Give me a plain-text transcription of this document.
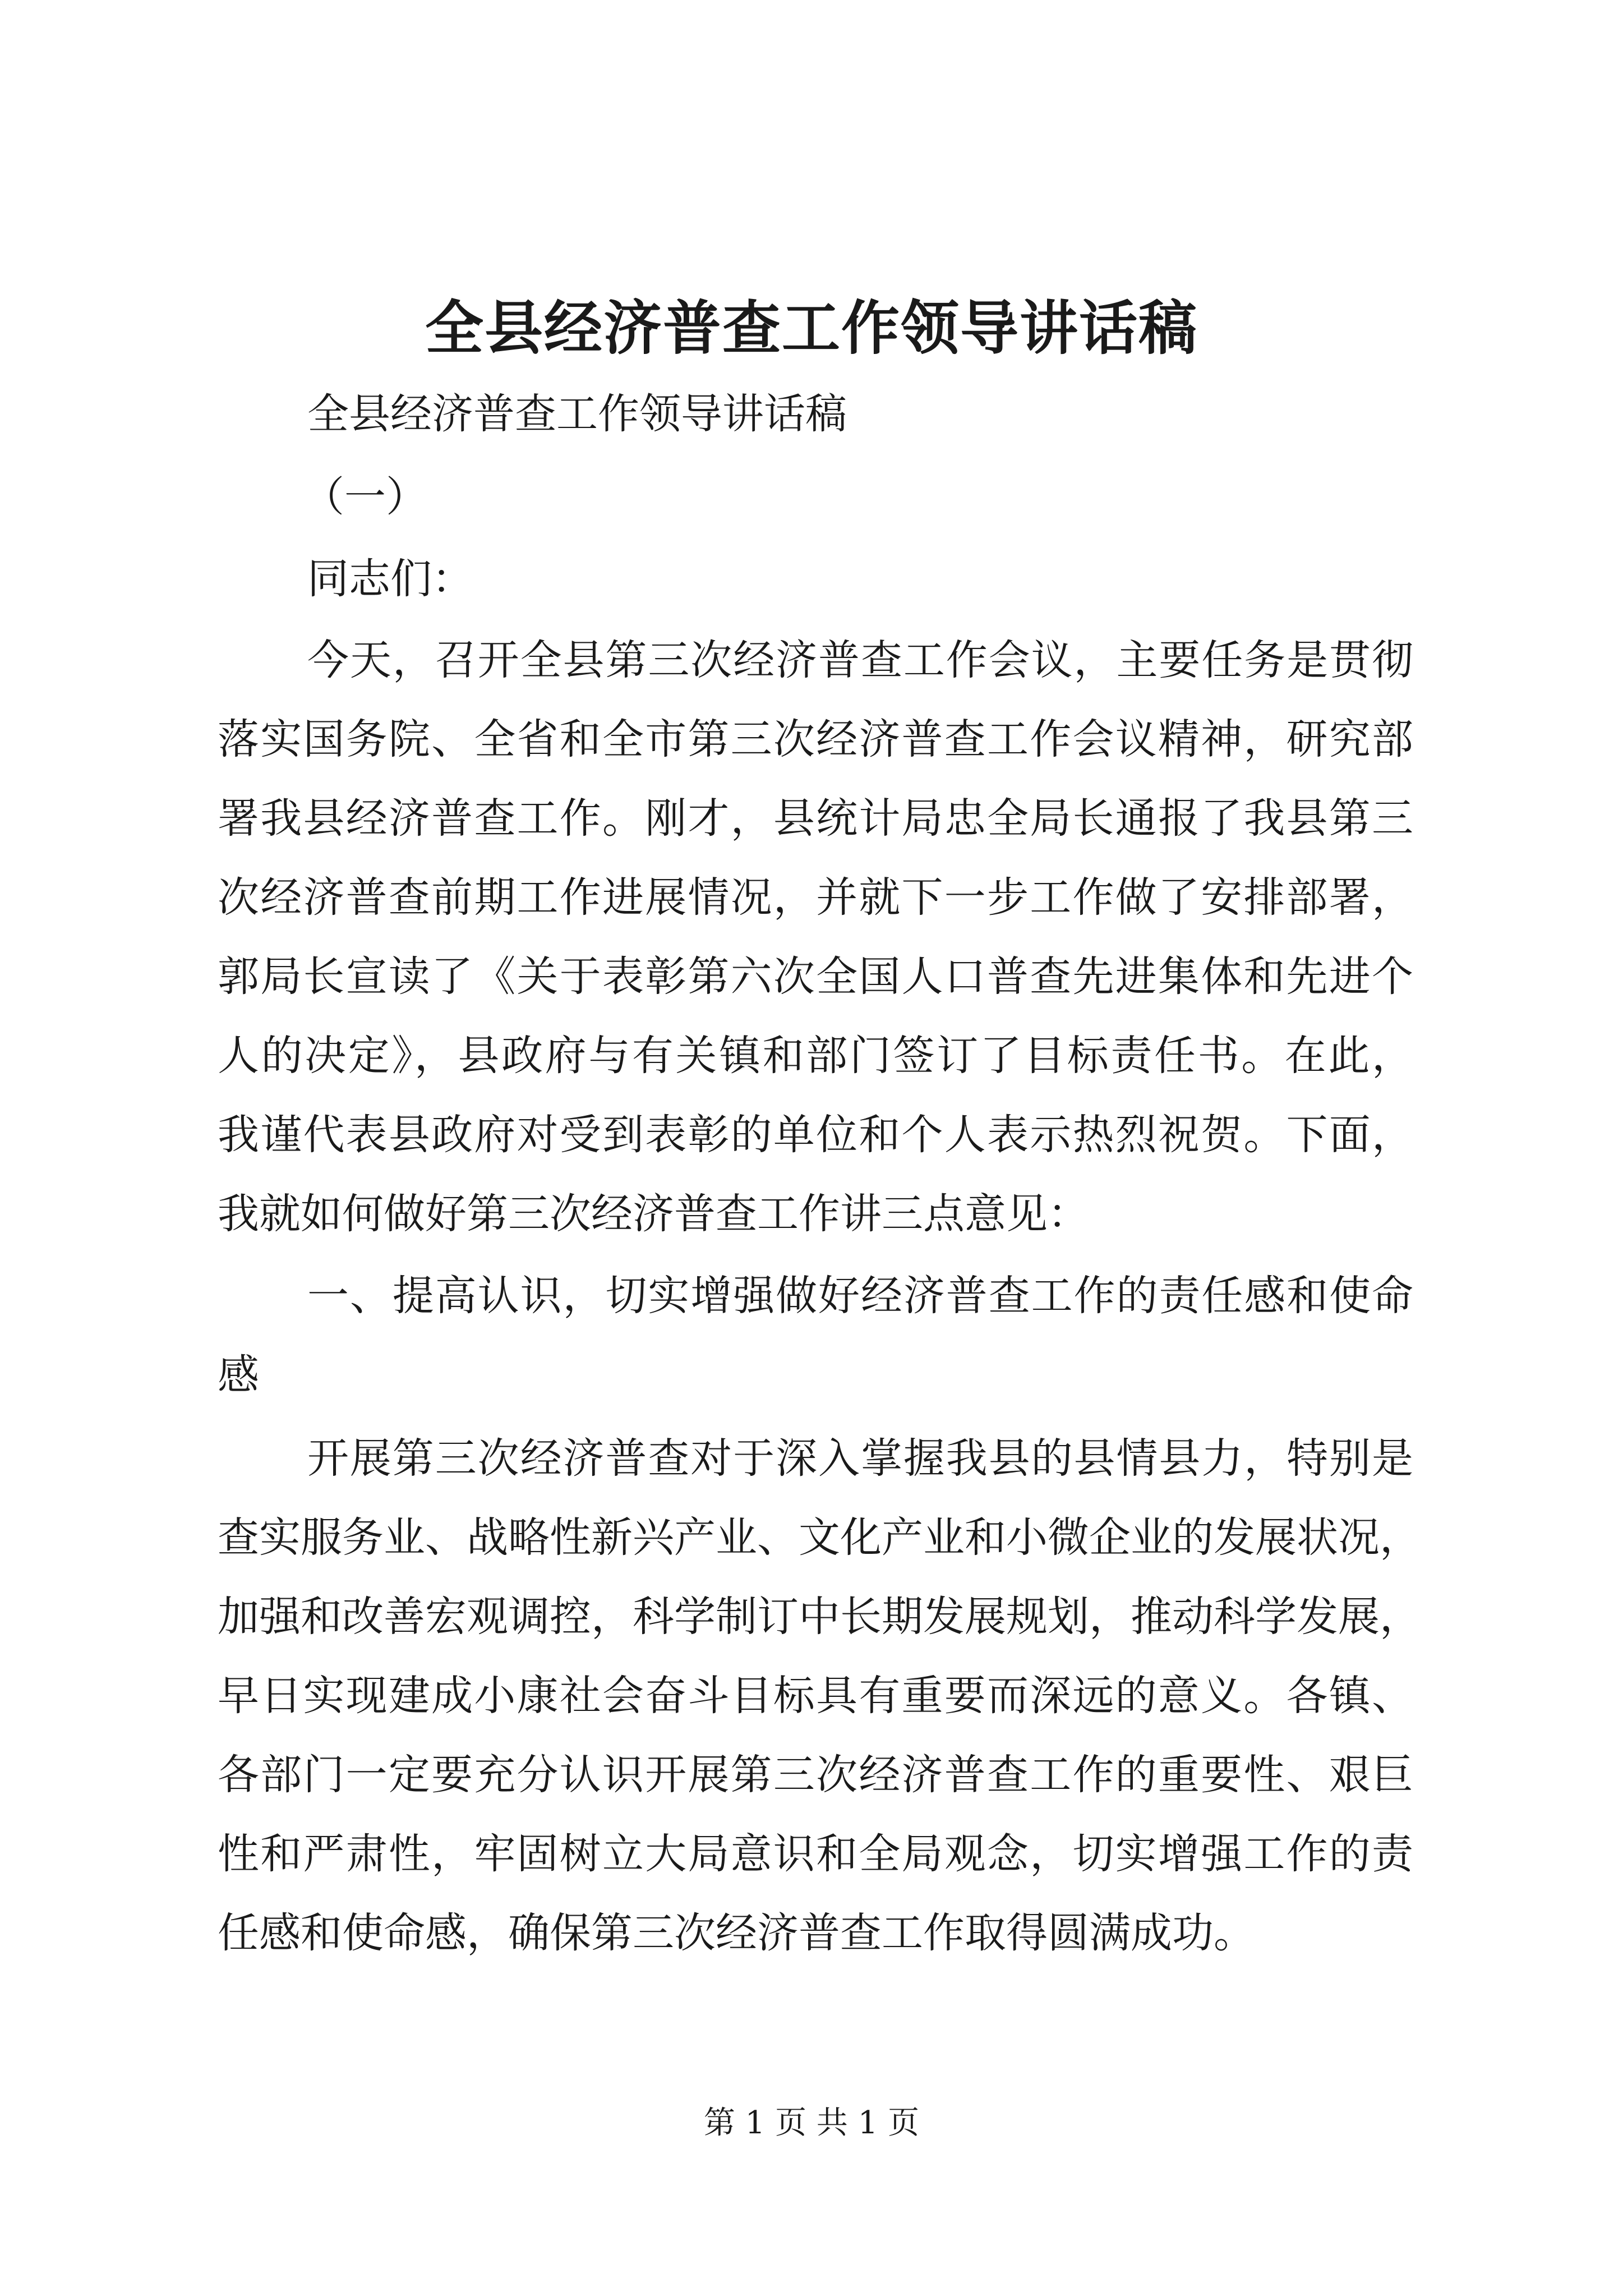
全县经济普查工作领导讲话稿
全县经济普查工作领导讲话稿
（一）
同志们：
今天，召开全县第三次经济普查工作会议，主要任务是贯彻
落实国务院、全省和全市第三次经济普查工作会议精神，研究部
署我县经济普查工作。刚才，县统计局忠全局长通报了我县第三
次经济普查前期工作进展情况，并就下一步工作做了安排部署，
郭局长宣读了《关于表彰第六次全国人口普查先进集体和先进个
人的决定》，县政府与有关镇和部门签订了目标责任书。在此，
我谨代表县政府对受到表彰的单位和个人表示热烈祝贺。下面，
我就如何做好第三次经济普查工作讲三点意见：
一、提高认识，切实增强做好经济普查工作的责任感和使命
感
开展第三次经济普查对于深入掌握我县的县情县力，特别是
查实服务业、战略性新兴产业、文化产业和小微企业的发展状况，
加强和改善宏观调控，科学制订中长期发展规划，推动科学发展，
早日实现建成小康社会奋斗目标具有重要而深远的意义。各镇、
各部门一定要充分认识开展第三次经济普查工作的重要性、艰巨
性和严肃性，牢固树立大局意识和全局观念，切实增强工作的责
任感和使命感，确保第三次经济普查工作取得圆满成功。
第 1 页 共 1 页
